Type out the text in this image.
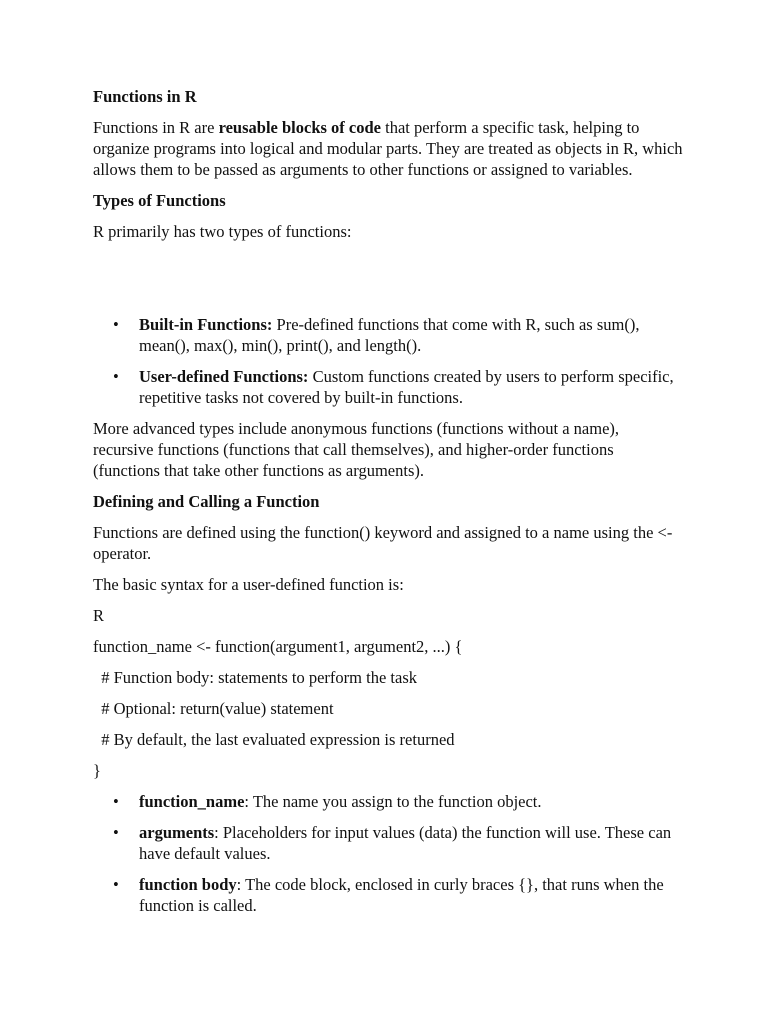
Functions in R
Functions in R are reusable blocks of code that perform a specific task, helping to organize programs into logical and modular parts. They are treated as objects in R, which allows them to be passed as arguments to other functions or assigned to variables.
Types of Functions
R primarily has two types of functions:
• Built-in Functions: Pre-defined functions that come with R, such as sum(), mean(), max(), min(), print(), and length().
• User-defined Functions: Custom functions created by users to perform specific, repetitive tasks not covered by built-in functions.
More advanced types include anonymous functions (functions without a name), recursive functions (functions that call themselves), and higher-order functions (functions that take other functions as arguments).
Defining and Calling a Function
Functions are defined using the function() keyword and assigned to a name using the <- operator.
The basic syntax for a user-defined function is:
R
function_name <- function(argument1, argument2, ...) {
# Function body: statements to perform the task
# Optional: return(value) statement
# By default, the last evaluated expression is returned
}
• function_name: The name you assign to the function object.
• arguments: Placeholders for input values (data) the function will use. These can have default values.
• function body: The code block, enclosed in curly braces {}, that runs when the function is called.
